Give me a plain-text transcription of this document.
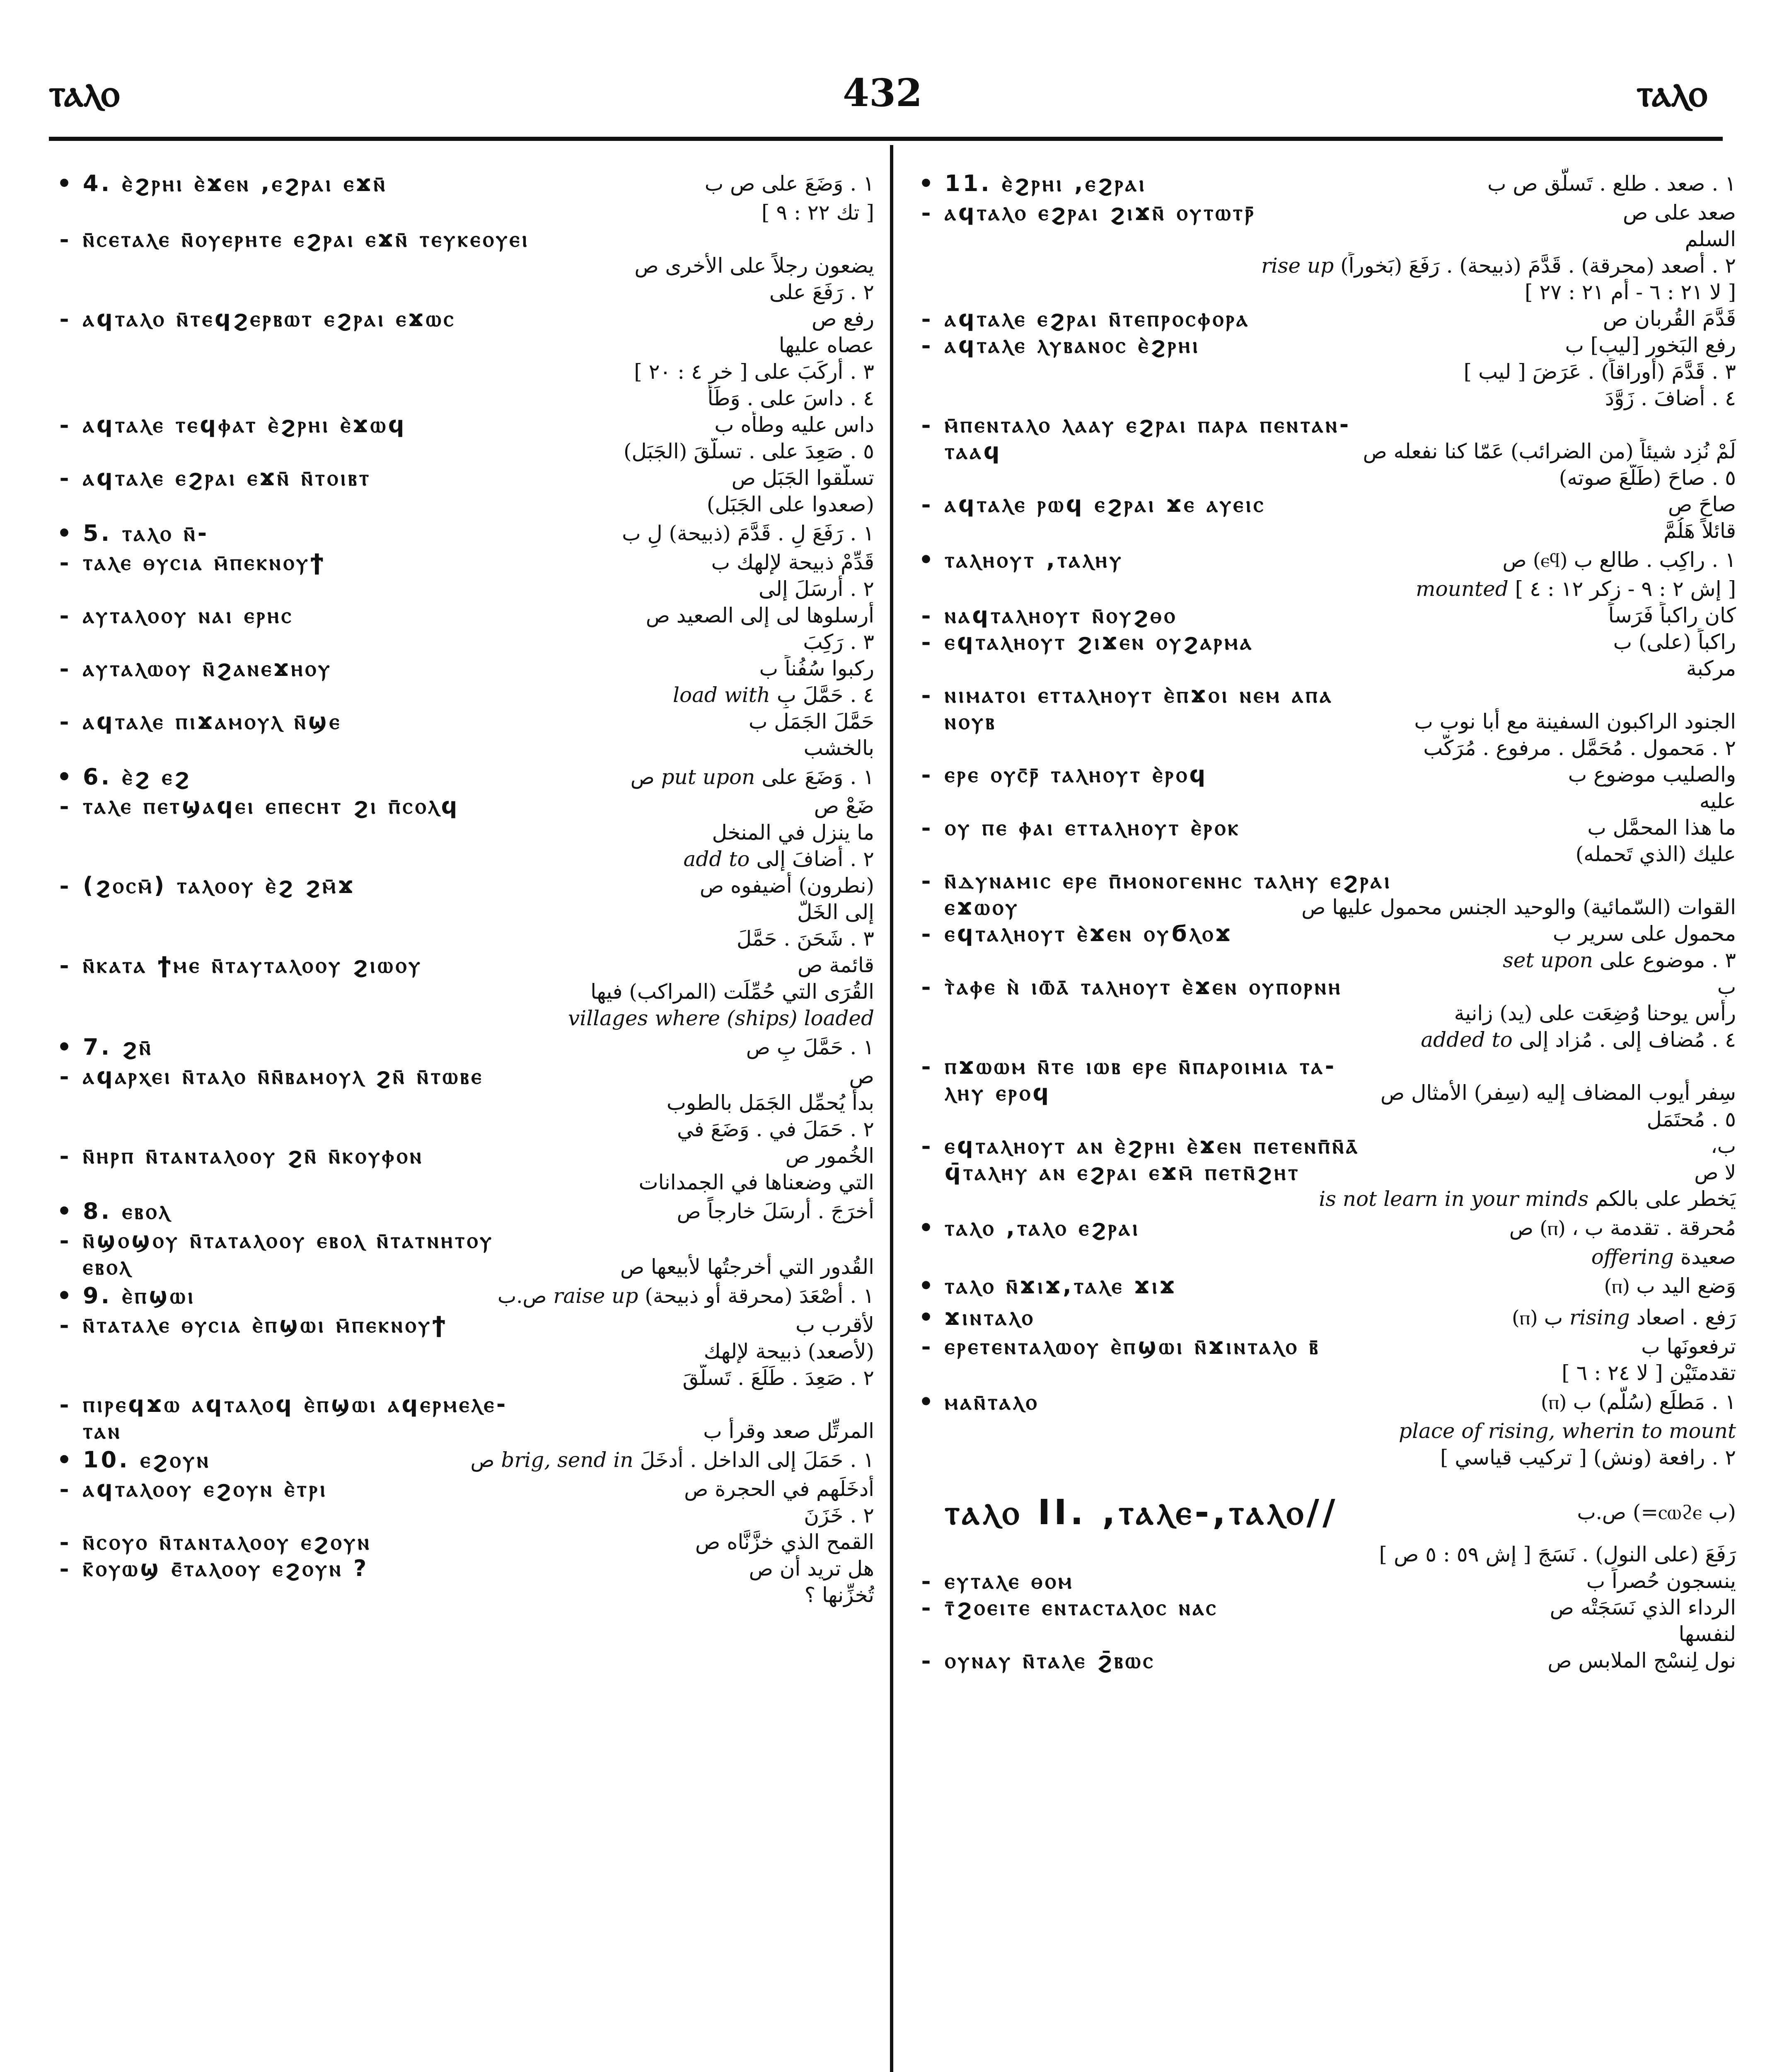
ⲧⲁⲗⲟ	432	ⲧⲁⲗⲟ
• 4. ⲉ̀ϩⲣⲏⲓ ⲉ̀ϫⲉⲛ ,ⲉϩⲣⲁⲓ ⲉϫⲛ̄	١ . وَضَعَ على ص ب
[ تك ٢٢ : ٩ ]
- ⲛ̄ⲥⲉⲧⲁⲗⲉ ⲛ̄ⲟⲩⲉⲣⲏⲧⲉ ⲉϩⲣⲁⲓ ⲉϫⲛ̄ ⲧⲉⲩⲕⲉⲟⲩⲉⲓ
يضعون رجلاً على الأخرى ص
٢ . رَفَعَ على
- ⲁϥⲧⲁⲗⲟ ⲛ̄ⲧⲉϥϩⲉⲣⲃⲱⲧ ⲉϩⲣⲁⲓ ⲉϫⲱⲥ	رفع ص
عصاه عليها
٣ . أَركَبَ على [ خر ٤ : ٢٠ ]
٤ . داسَ على . وَطَأَ
- ⲁϥⲧⲁⲗⲉ ⲧⲉϥⲫⲁⲧ ⲉ̀ϩⲣⲏⲓ ⲉ̀ϫⲱϥ	داس عليه وطأه ب
٥ . صَعِدَ على . تسلَّقَ (الجَبَل)
- ⲁϥⲧⲁⲗⲉ ⲉϩⲣⲁⲓ ⲉϫⲛ̄ ⲛ̄ⲧⲟⲓⲃⲧ	تسلَّقوا الجَبَل ص
(صعدوا على الجَبَل)
• 5. ⲧⲁⲗⲟ ⲛ̄-	١ . رَفَعَ لِ . قَدَّمَ (ذبيحة) لِ ب
- ⲧⲁⲗⲉ ⲑⲩⲥⲓⲁ ⲙ̄ⲡⲉⲕⲛⲟⲩϯ	قَدِّمْ ذبيحة لإلهك ب
٢ . أرسَلَ إلى
- ⲁⲩⲧⲁⲗⲟⲟⲩ ⲛⲁⲓ ⲉⲣⲏⲥ	أرسلوها لى إلى الصعيد ص
٣ . رَكِبَ
- ⲁⲩⲧⲁⲗⲱⲟⲩ ⲛ̄ϩⲁⲛⲉϫⲏⲟⲩ	ركبوا سُفُناً ب
٤ . حَمَّلَ بِ load with
- ⲁϥⲧⲁⲗⲉ ⲡⲓϫⲁⲙⲟⲩⲗ ⲛ̄ϣⲉ	حَمَّلَ الجَمَل ب
بالخشب
• 6. ⲉ̀ϩ ⲉϩ	١ . وَضَعَ على put upon ص
- ⲧⲁⲗⲉ ⲡⲉⲧϣⲁϥⲉⲓ ⲉⲡⲉⲥⲏⲧ ϩⲓ ⲡ̄ⲥⲟⲗϥ	ضَعْ ص
ما ينزل في المنخل
٢ . أضافَ إلى add to
- (ϩⲟⲥⲙ̄) ⲧⲁⲗⲟⲟⲩ ⲉ̀ϩ ϩⲙ̄ϫ	(نطرون) أضيفوه ص
إلى الخَلّ
٣ . شَحَنَ . حَمَّلَ
- ⲛ̄ⲕⲁⲧⲁ ϯⲙⲉ ⲛ̄ⲧⲁⲩⲧⲁⲗⲟⲟⲩ ϩⲓⲱⲟⲩ	قائمة ص
القُرَى التي حُمِّلَت (المراكب) فيها
villages where (ships) loaded
• 7. ϩⲛ̄	١ . حَمَّلَ بِ ص
- ⲁϥⲁⲣⲭⲉⲓ ⲛ̄ⲧⲁⲗⲟ ⲛ̄ⲛ̄ⲃⲁⲙⲟⲩⲗ ϩⲛ̄ ⲛ̄ⲧⲱⲃⲉ	ص
بدأ يُحمِّل الجَمَل بالطوب
٢ . حَمَلَ في . وَضَعَ في
- ⲛ̄ⲏⲣⲡ ⲛ̄ⲧⲁⲛⲧⲁⲗⲟⲟⲩ ϩⲛ̄ ⲛ̄ⲕⲟⲩⲫⲟⲛ	الخُمور ص
التي وضعناها في الجمدانات
• 8. ⲉⲃⲟⲗ	أخرَجَ . أرسَلَ خارجاً ص
- ⲛ̄ϣⲟϣⲟⲩ ⲛ̄ⲧⲁⲧⲁⲗⲟⲟⲩ ⲉⲃⲟⲗ ⲛ̄ⲧⲁⲧⲛⲏⲧⲟⲩ
ⲉⲃⲟⲗ	القُدور التي أخرجتُها لأبيعها ص
• 9. ⲉ̀ⲡϣⲱⲓ	١ . أصْعَدَ (محرقة أو ذبيحة) raise up ص.ب
- ⲛ̄ⲧⲁⲧⲁⲗⲉ ⲑⲩⲥⲓⲁ ⲉ̀ⲡϣⲱⲓ ⲙ̄ⲡⲉⲕⲛⲟⲩϯ	لأقرب ب
(لأصعد) ذبيحة لإلهك
٢ . صَعِدَ . طَلَعَ . تَسلَّقَ
- ⲡⲓⲣⲉϥϫⲱ ⲁϥⲧⲁⲗⲟϥ ⲉ̀ⲡϣⲱⲓ ⲁϥⲉⲣⲙⲉⲗⲉ-
ⲧⲁⲛ	المرتِّل صعد وقرأ ب
• 10. ⲉϩⲟⲩⲛ	١ . حَمَلَ إلى الداخل . أدخَلَ brig, send in ص
- ⲁϥⲧⲁⲗⲟⲟⲩ ⲉϩⲟⲩⲛ ⲉ̀ⲧⲣⲓ	أدخَلَهم في الحجرة ص
٢ . خَزَنَ
- ⲛ̄ⲥⲟⲩⲟ ⲛ̄ⲧⲁⲛⲧⲁⲗⲟⲟⲩ ⲉϩⲟⲩⲛ	القمح الذي خزَّنَّاه ص
- ⲕ̄ⲟⲩⲱϣ ⲉ̄ⲧⲁⲗⲟⲟⲩ ⲉϩⲟⲩⲛ ?	هل تريد أن ص
تُخزِّنها ؟
• 11. ⲉ̀ϩⲣⲏⲓ ,ⲉϩⲣⲁⲓ	١ . صعد . طلع . تَسلَّق ص ب
- ⲁϥⲧⲁⲗⲟ ⲉϩⲣⲁⲓ ϩⲓϫⲛ̄ ⲟⲩⲧⲱⲧⲣ̄	صعد على ص
السلم
٢ . أصعد (محرقة) . قَدَّمَ (ذبيحة) . رَفَعَ (بَخوراً) rise up
[ لا ٢١ : ٦ - أم ٢١ : ٢٧ ]
- ⲁϥⲧⲁⲗⲉ ⲉϩⲣⲁⲓ ⲛ̄ⲧⲉⲡⲣⲟⲥⲫⲟⲣⲁ	قَدَّمَ القُربان ص
- ⲁϥⲧⲁⲗⲉ ⲗⲩⲃⲁⲛⲟⲥ ⲉ̀ϩⲣⲏⲓ	رفع البَخور [ليب] ب
٣ . قَدَّمَ (أوراقاً) . عَرَضَ [ ليب ]
٤ . أضافَ . زَوَّدَ
- ⲙ̄ⲡⲉⲛⲧⲁⲗⲟ ⲗⲁⲁⲩ ⲉϩⲣⲁⲓ ⲡⲁⲣⲁ ⲡⲉⲛⲧⲁⲛ-
ⲧⲁⲁϥ	لَمْ نُزِد شيئاً (من الضرائب) عَمّا كنا نفعله ص
٥ . صاحَ (طَلَّعَ صوته)
- ⲁϥⲧⲁⲗⲉ ⲣⲱϥ ⲉϩⲣⲁⲓ ϫⲉ ⲁⲩⲉⲓⲥ	صاحَ ص
قائلاً هَلُمَّ
• ⲧⲁⲗⲏⲟⲩⲧ ,ⲧⲁⲗⲏⲩ	١ . راكِب . طالع ب (ⲉϥ) ص
[ إش ٢ : ٩ - زكر ١٢ : ٤ ] mounted
- ⲛⲁϥⲧⲁⲗⲏⲟⲩⲧ ⲛ̄ⲟⲩϩⲑⲟ	كان راكباً فَرَساً
- ⲉϥⲧⲁⲗⲏⲟⲩⲧ ϩⲓϫⲉⲛ ⲟⲩϩⲁⲣⲙⲁ	راكباً (على) ب
مركبة
- ⲛⲓⲙⲁⲧⲟⲓ ⲉⲧⲧⲁⲗⲏⲟⲩⲧ ⲉ̀ⲡϫⲟⲓ ⲛⲉⲙ ⲁⲡⲁ
ⲛⲟⲩⲃ	الجنود الراكبون السفينة مع أبا نوب ب
٢ . مَحمول . مُحَمَّل . مرفوع . مُرَكَّب
- ⲉⲣⲉ ⲟⲩⲥ̄ⲣ̄ ⲧⲁⲗⲏⲟⲩⲧ ⲉ̀ⲣⲟϥ	والصليب موضوع ب
عليه
- ⲟⲩ ⲡⲉ ⲫⲁⲓ ⲉⲧⲧⲁⲗⲏⲟⲩⲧ ⲉ̀ⲣⲟⲕ	ما هذا المحمَّل ب
عليك (الذي تَحمله)
- ⲛ̄ⲇⲩⲛⲁⲙⲓⲥ ⲉⲣⲉ ⲡ̄ⲙⲟⲛⲟⲅⲉⲛⲏⲥ ⲧⲁⲗⲏⲩ ⲉϩⲣⲁⲓ
ⲉϫⲱⲟⲩ	القوات (السّمائية) والوحيد الجنس محمول عليها ص
- ⲉϥⲧⲁⲗⲏⲟⲩⲧ ⲉ̀ϫⲉⲛ ⲟⲩϭⲗⲟϫ	محمول على سرير ب
٣ . موضوع على set upon
- ⲧ̀ⲁⲫⲉ ⲛ̀ ⲓⲱ̄ⲁ̄ ⲧⲁⲗⲏⲟⲩⲧ ⲉ̀ϫⲉⲛ ⲟⲩⲡⲟⲣⲛⲏ	ب
رأس يوحنا وُضِعَت على (يد) زانية
٤ . مُضاف إلى . مُزاد إلى added to
- ⲡϫⲱⲱⲙ ⲛ̄ⲧⲉ ⲓⲱⲃ ⲉⲣⲉ ⲛ̄ⲡⲁⲣⲟⲓⲙⲓⲁ ⲧⲁ-
ⲗⲏⲩ ⲉⲣⲟϥ	سِفر أيوب المضاف إليه (سِفر) الأمثال ص
٥ . مُحتَمَل
- ⲉϥⲧⲁⲗⲏⲟⲩⲧ ⲁⲛ ⲉ̀ϩⲣⲏⲓ ⲉ̀ϫⲉⲛ ⲡⲉⲧⲉⲛⲡ̄ⲛ̄ⲁ̄	ب،
ϥ̄ⲧⲁⲗⲏⲩ ⲁⲛ ⲉϩⲣⲁⲓ ⲉϫⲙ̄ ⲡⲉⲧⲛ̄ϩⲏⲧ	لا ص
يَخطر على بالكم is not learn in your minds
• ⲧⲁⲗⲟ ,ⲧⲁⲗⲟ ⲉϩⲣⲁⲓ	مُحرقة . تقدمة ب ، (ⲡ) ص
صعيدة offering
• ⲧⲁⲗⲟ ⲛ̄ϫⲓϫ,ⲧⲁⲗⲉ ϫⲓϫ	وَضع اليد ب (ⲡ)
• ϫⲓⲛⲧⲁⲗⲟ	رَفع . اصعاد rising ب (ⲡ)
- ⲉⲣⲉⲧⲉⲛⲧⲁⲗⲱⲟⲩ ⲉ̀ⲡϣⲱⲓ ⲛ̄ϫⲓⲛⲧⲁⲗⲟ ⲃ̄	ترفعونَها ب
تقدمتَيْن [ لا ٢٤ : ٦ ]
• ⲙⲁⲛ̄ⲧⲁⲗⲟ	١ . مَطلَع (سُلَّم) ب (ⲡ)
place of rising, wherin to mount
٢ . رافعة (ونش) [ تركيب قياسي ]
ⲧⲁⲗⲟ II. ,ⲧⲁⲗⲉ-,ⲧⲁⲗⲟ//	(ب ⲥⲱϩⲉ=) ص.ب
رَفَعَ (على النول) . نَسَجَ [ إش ٥٩ : ٥ ص ]
- ⲉⲩⲧⲁⲗⲉ ⲑⲟⲙ	ينسجون حُصراً ب
- ⲧ̄ϩⲟⲉⲓⲧⲉ ⲉⲛⲧⲁⲥⲧⲁⲗⲟⲥ ⲛⲁⲥ	الرداء الذي نَسَجَتْه ص
لنفسها
- ⲟⲩⲛⲁⲩ ⲛ̄ⲧⲁⲗⲉ ϩ̄ⲃⲱⲥ	نول لِنسْج الملابس ص
